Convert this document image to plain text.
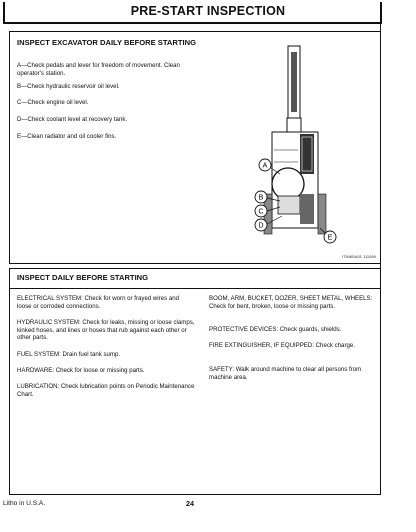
PRE-START INSPECTION
INSPECT EXCAVATOR DAILY BEFORE STARTING
A—Check pedals and lever for freedom of movement. Clean operator's station.
B—Check hydraulic reservoir oil level.
C—Check engine oil level.
D—Check coolant level at recovery tank.
E—Clean radiator and oil cooler fins.
A
B
C
D
E
IT946DA01 111089
INSPECT DAILY BEFORE STARTING
ELECTRICAL SYSTEM: Check for worn or frayed wires and loose or corroded connections.
HYDRAULIC SYSTEM: Check for leaks, missing or loose clamps, kinked hoses, and lines or hoses that rub against each other or other parts.
FUEL SYSTEM: Drain fuel tank sump.
HARDWARE: Check for loose or missing parts.
LUBRICATION: Check lubrication points on Periodic Maintenance Chart.
BOOM, ARM, BUCKET, DOZER, SHEET METAL, WHEELS: Check for bent, broken, loose or missing parts.
PROTECTIVE DEVICES: Check guards, shields.
FIRE EXTINGUISHER, IF EQUIPPED: Check charge.
SAFETY: Walk around machine to clear all persons from machine area.
Litho in U.S.A.	24
